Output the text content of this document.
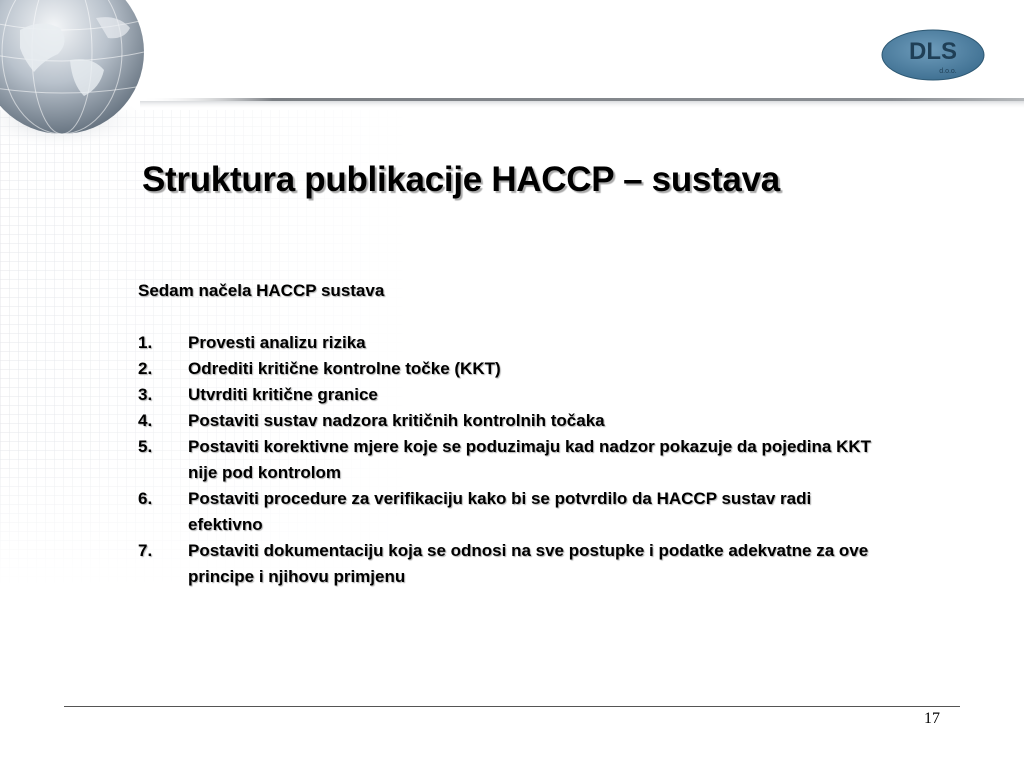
DLS
d.o.o.
Struktura publikacije HACCP – sustava

Sedam načela HACCP sustava

1. Provesti analizu rizika
2. Odrediti kritične kontrolne točke (KKT)
3. Utvrditi kritične granice
4. Postaviti sustav nadzora kritičnih kontrolnih točaka
5. Postaviti korektivne mjere koje se poduzimaju kad nadzor pokazuje da pojedina KKT nije pod kontrolom
6. Postaviti procedure za verifikaciju kako bi se potvrdilo da HACCP sustav radi efektivno
7. Postaviti dokumentaciju koja se odnosi na sve postupke i podatke adekvatne za ove principe i njihovu primjenu
17
